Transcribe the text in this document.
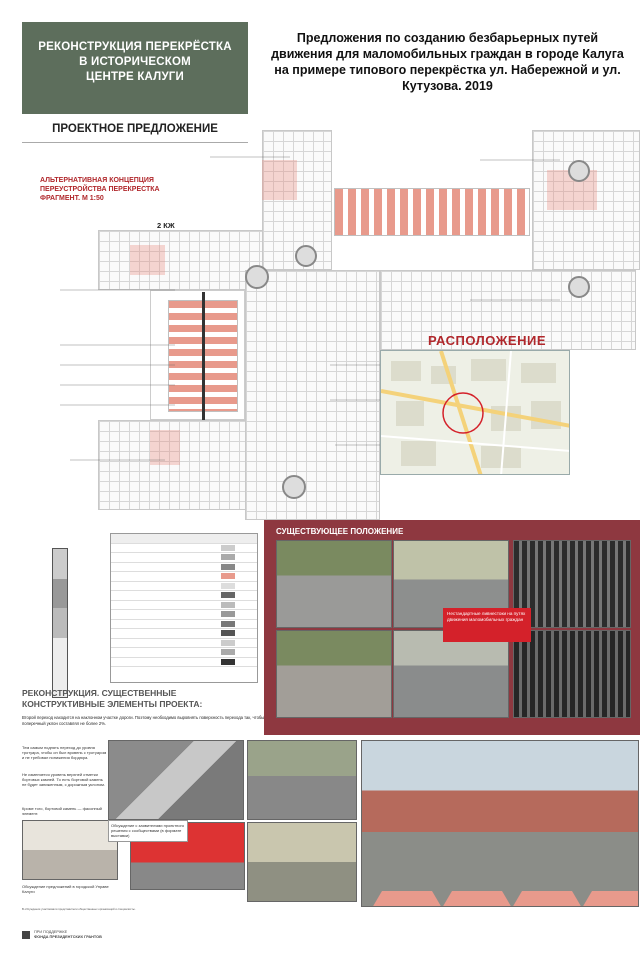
РЕКОНСТРУКЦИЯ ПЕРЕКРЁСТКА
В ИСТОРИЧЕСКОМ
ЦЕНТРЕ КАЛУГИ
ПРОЕКТНОЕ ПРЕДЛОЖЕНИЕ
Предложения по созданию безбарьерных путей движения для маломобильных граждан в городе Калуга на примере типового перекрёстка ул. Набережной и ул. Кутузова. 2019
АЛЬТЕРНАТИВНАЯ КОНЦЕПЦИЯ
ПЕРЕУСТРОЙСТВА ПЕРЕКРЕСТКА
ФРАГМЕНТ. М 1:50
2 КЖ
РАСПОЛОЖЕНИЕ
СУЩЕСТВУЮЩЕЕ ПОЛОЖЕНИЕ
Нестандартные ливнестоки на путях движения маломобильных граждан
РЕКОНСТРУКЦИЯ. СУЩЕСТВЕННЫЕ КОНСТРУКТИВНЫЕ ЭЛЕМЕНТЫ ПРОЕКТА:
Второй переход находится на наклонном участке дороги. Поэтому необходимо выровнять поверхность перехода так, чтобы поперечный уклон составлял не более 2%.
Тем самым поднять переход до уровня тротуара, чтобы он был вровень с тротуаром и не требовал понижения бордюра.
Не изменяется уровень верхней отметки бортовых камней. То есть бортовой камень не будет заниженным, с дорожным уклоном.
Кроме того, бортовой камень — фасонный элемент.
Обсуждение с заявителями проектного решения с сообществами (в формате выставки)
Обсуждение предложений в городской Управе Калуги
В обсуждении участвовали представители общественных организаций и специалисты.

ПРИ ПОДДЕРЖКЕ
ФОНДА ПРЕЗИДЕНТСКИХ ГРАНТОВ
